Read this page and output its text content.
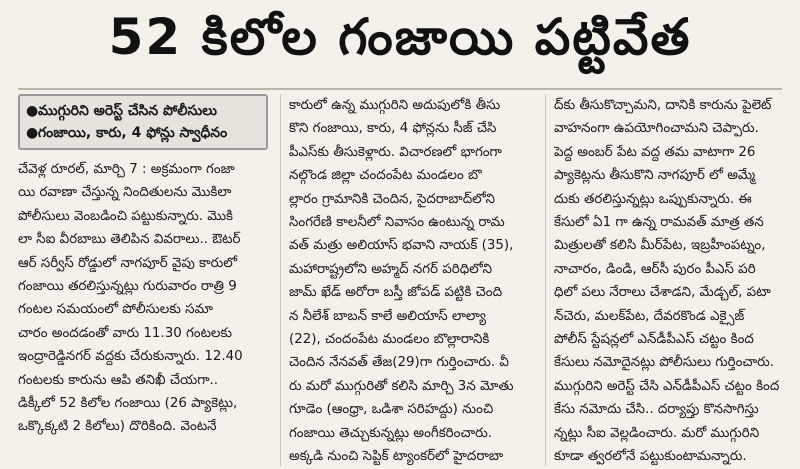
52 కిలోల గంజాయి పట్టివేత
● ముగ్గురిని అరెస్ట్‌ చేసిన పోలీసులు
● గంజాయి, కారు, 4 ఫోన్లు స్వాధీనం
చేవెళ్ల రూరల్‌, మార్చి 7 : అక్రమంగా గంజా
యి రవాణా చేస్తున్న నిందితులను మొకిలా
పోలీసులు వెంబడించి పట్టుకున్నారు. మొకి
లా సీఐ వీరబాబు తెలిపిన వివరాలు.. ఔటర్‌
ఆర్‌ సర్వీస్‌ రోడ్డులో నాగపూర్‌ వైపు కారులో
గంజాయి తరలిస్తున్నట్లు గురువారం రాత్రి 9
గంటల సమయంలో పోలీసులకు సమా
చారం అందడంతో వారు 11.30 గంటలకు
ఇంద్రారెడ్డినగర్‌ వద్దకు చేరుకున్నారు. 12.40
గంటలకు కారును ఆపి తనిఖీ చేయగా..
డిక్కీలో 52 కిలోల గంజాయి (26 ప్యాకెట్లు,
ఒక్కొక్కటి 2 కిలోలు) దొరికింది. వెంటనే
కారులో ఉన్న ముగ్గురిని అదుపులోకి తీసు
కొని గంజాయి, కారు, 4 ఫోన్లను సీజ్‌ చేసి
పీఎస్‌కు తీసుకెళ్లారు. విచారణలో భాగంగా
నల్గొండ జిల్లా చందంపేట మండలం బొ
ల్లారం గ్రామానికి చెందిన, సైదరాబాద్‌లోని
సింగరేణి కాలనీలో నివాసం ఉంటున్న రామ
వత్‌ మత్రు అలియాస్‌ భవాని నాయక్‌ (35),
మహారాష్ట్రలోని అహ్మద్‌ నగర్‌ పరిధిలోని
జామ్‌ ఖేడ్‌ అరోరా బస్తీ జోపడ్‌ పట్టికి చెంది
న నీలేశ్‌ బాబన్‌ కాలే అలియాస్‌ లాల్యా
(22), చందంపేట మండలం బొల్లారానికి
చెందిన నేనవత్‌ తేజ(29)గా గుర్తించారు. వీ
రు మరో ముగ్గురితో కలిసి మార్చి 3న మోతు
గూడెం (ఆంధ్రా, ఒడిశా సరిహద్దు) నుంచి
గంజాయి తెచ్చుకున్నట్లు అంగీకరించారు.
అక్కడి నుంచి సెప్టిక్‌ ట్యాంకర్‌లో హైదరాబా
ద్‌కు తీసుకొచ్చామని, దానికి కారును పైలెట్‌
వాహనంగా ఉపయోగించామని చెప్పారు.
పెద్ద అంబర్‌ పేట వద్ద తమ వాటాగా 26
ప్యాకెట్లను తీసుకొని నాగపూర్‌ లో అమ్మే
దుకు తరలిస్తున్నట్లు ఒప్పుకున్నారు. ఈ
కేసులో ఏ1 గా ఉన్న రామవత్‌ మాత్ర తన
మిత్రులతో కలిసి మీర్‌పేట, ఇబ్రహీంపట్నం,
నాచారం, డిండి, ఆర్‌సీ పురం పీఎస్‌ పరి
ధిలో పలు నేరాలు చేశాడని, మేడ్చల్‌, పటా
న్‌చెరు, మలక్‌పేట, దేవరకొండ ఎక్సైజ్‌
పోలీస్‌ స్టేషన్లలో ఎన్‌డీపీఎస్‌ చట్టం కింద
కేసులు నమోదైనట్లు పోలీసులు గుర్తించారు.
ముగ్గురిని అరెస్ట్‌ చేసి ఎన్‌డీపీఎస్‌ చట్టం కింద
కేసు నమోదు చేసి.. దర్యాప్తు కొనసాగిస్తు
న్నట్లు సీఐ వెల్లడించారు. మరో ముగ్గురిని
కూడా త్వరలోనే పట్టుకుంటామన్నారు.
